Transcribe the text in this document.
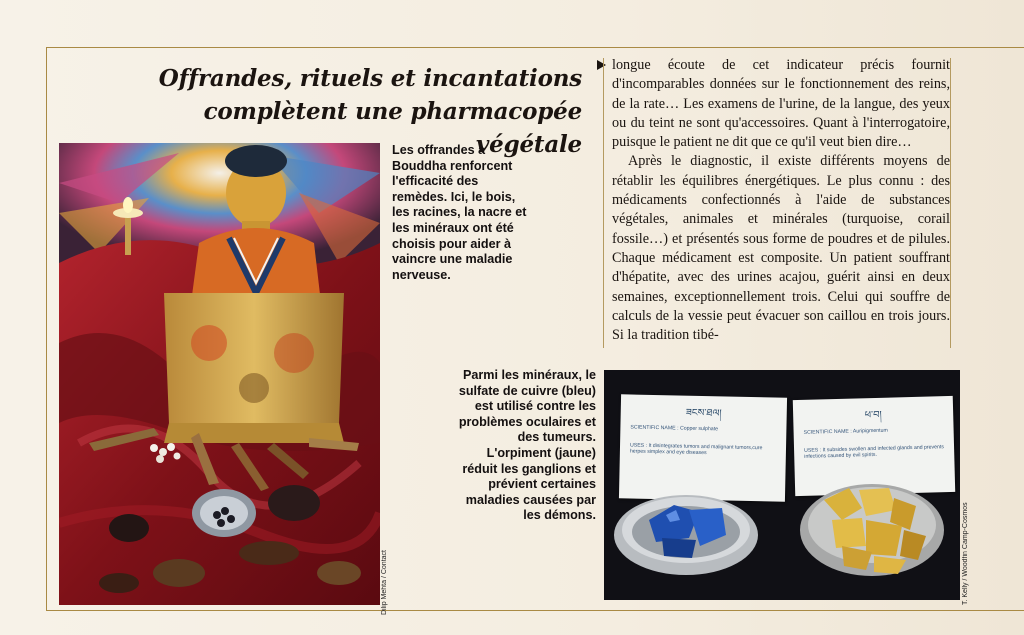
Offrandes, rituels et incantations
complètent une pharmacopée végétale
Dilip Mehta / Contact
Les offrandes à Bouddha renforcent l'efficacité des remèdes. Ici, le bois, les racines, la nacre et les minéraux ont été choisis pour aider à vaincre une maladie nerveuse.

longue écoute de cet indicateur précis fournit d'incomparables données sur le fonctionnement des reins, de la rate… Les examens de l'urine, de la langue, des yeux ou du teint ne sont qu'accessoires. Quant à l'interrogatoire, puisque le patient ne dit que ce qu'il veut bien dire…

Après le diagnostic, il existe différents moyens de rétablir les équilibres énergétiques. Le plus connu : des médicaments confectionnés à l'aide de substances végétales, animales et minérales (turquoise, corail fossile…) et présentés sous forme de poudres et de pilules. Chaque médicament est composite. Un patient souffrant d'hépatite, avec des urines acajou, guérit ainsi en deux semaines, exceptionnellement trois. Celui qui souffre de calculs de la vessie peut évacuer son caillou en trois jours. Si la tradition tibé-

Parmi les minéraux, le sulfate de cuivre (bleu) est utilisé contre les problèmes oculaires et des tumeurs. L'orpiment (jaune) réduit les ganglions et prévient certaines maladies causées par les démons.
ཟངས་ཐལ།
SCIENTIFIC NAME : Copper sulphate
USES : It disintegrates tumors and malignant tumors,cure herpes simplex and eye diseases
ཕ་བ།
SCIENTIFIC NAME : Auripigmentum
USES : It subsides swollen and infected glands and prevents infections caused by evil spirits.
T. Kelly / Woodfin Camp-Cosmos
